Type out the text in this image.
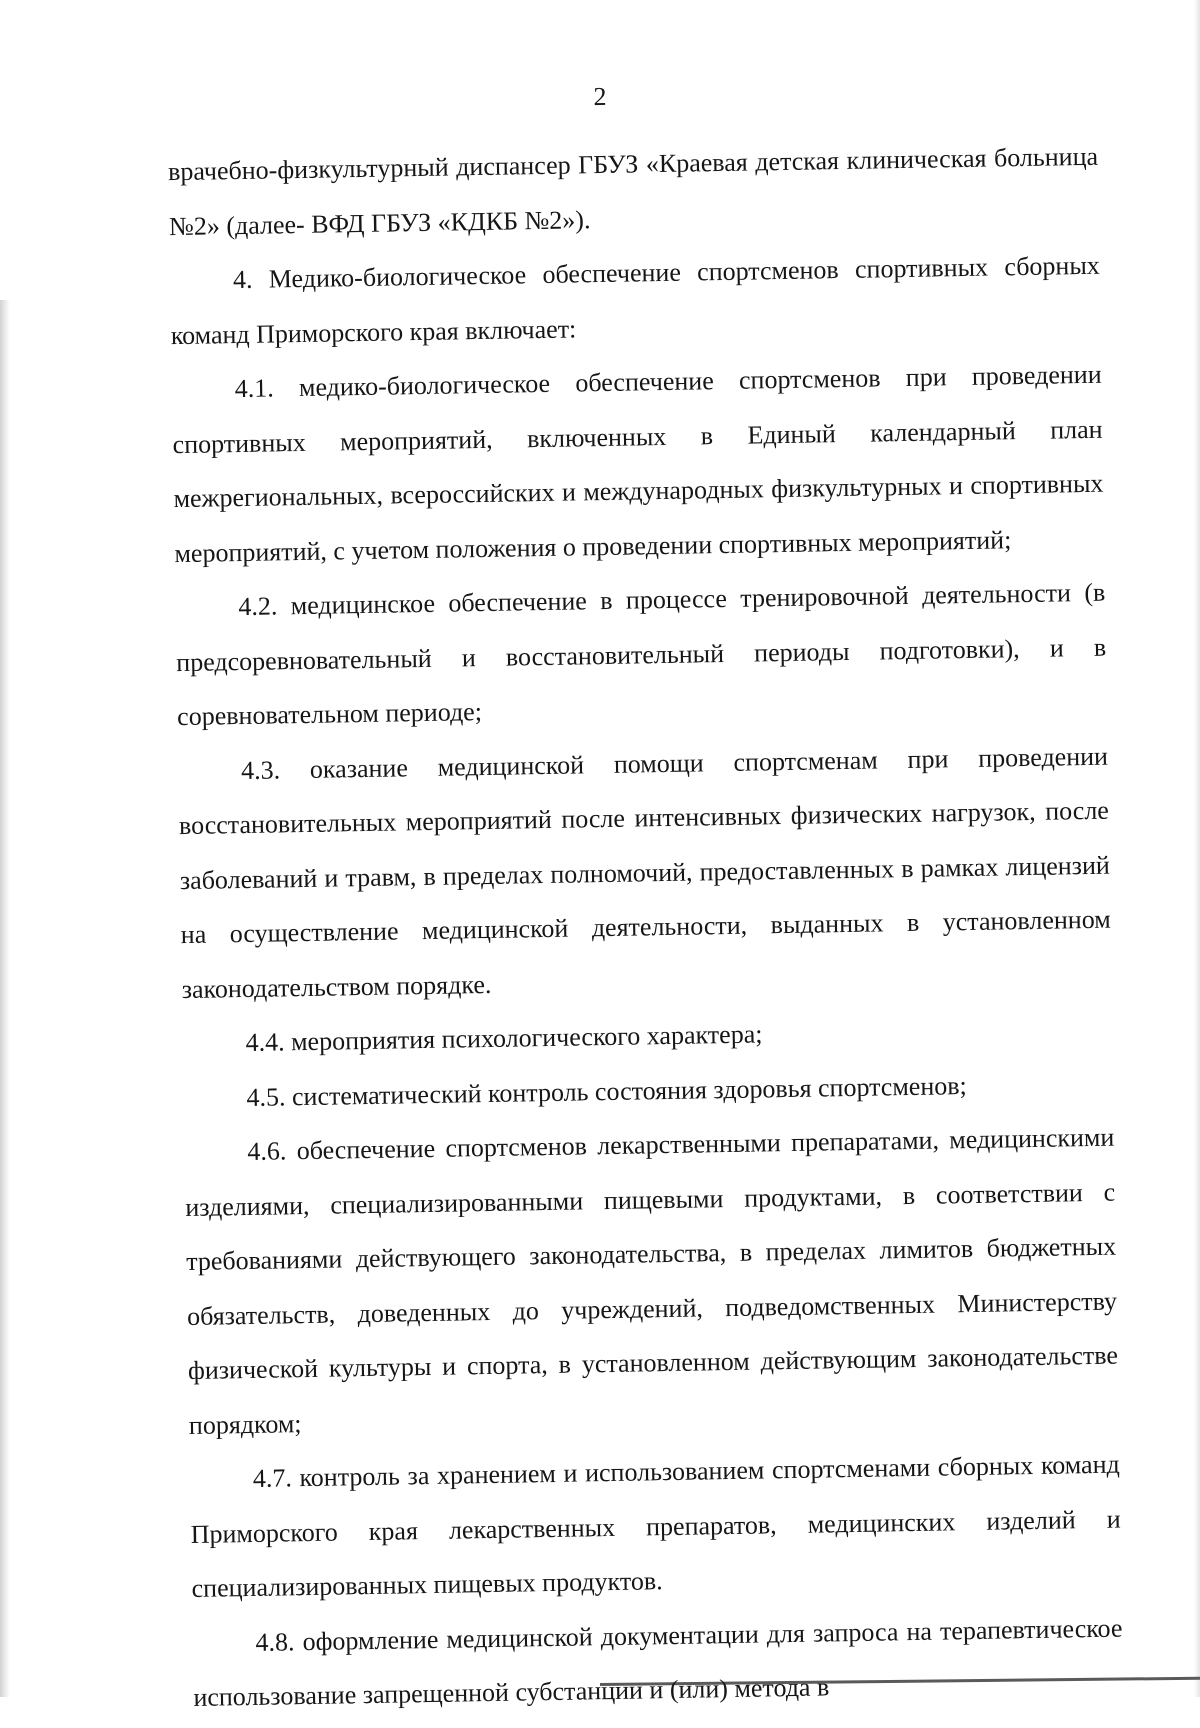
2

врачебно-физкультурный диспансер ГБУЗ «Краевая детская клиническая больница №2» (далее- ВФД ГБУЗ «КДКБ №2»).

4. Медико-биологическое обеспечение спортсменов спортивных сборных команд Приморского края включает:

4.1. медико-биологическое обеспечение спортсменов при проведении спортивных мероприятий, включенных в Единый календарный план межрегиональных, всероссийских и международных физкультурных и спортивных мероприятий, с учетом положения о проведении спортивных мероприятий;

4.2. медицинское обеспечение в процессе тренировочной деятельности (в предсоревновательный и восстановительный периоды подготовки), и в соревновательном периоде;

4.3. оказание медицинской помощи спортсменам при проведении восстановительных мероприятий после интенсивных физических нагрузок, после заболеваний и травм, в пределах полномочий, предоставленных в рамках лицензий на осуществление медицинской деятельности, выданных в установленном законодательством порядке.

4.4. мероприятия психологического характера;

4.5. систематический контроль состояния здоровья спортсменов;

4.6. обеспечение спортсменов лекарственными препаратами, медицинскими изделиями, специализированными пищевыми продуктами, в соответствии с требованиями действующего законодательства, в пределах лимитов бюджетных обязательств, доведенных до учреждений, подведомственных Министерству физической культуры и спорта, в установленном действующим законодательстве порядком;

4.7. контроль за хранением и использованием спортсменами сборных команд Приморского края лекарственных препаратов, медицинских изделий и специализированных пищевых продуктов.

4.8. оформление медицинской документации для запроса на терапевтическое использование запрещенной субстанции и (или) метода в
